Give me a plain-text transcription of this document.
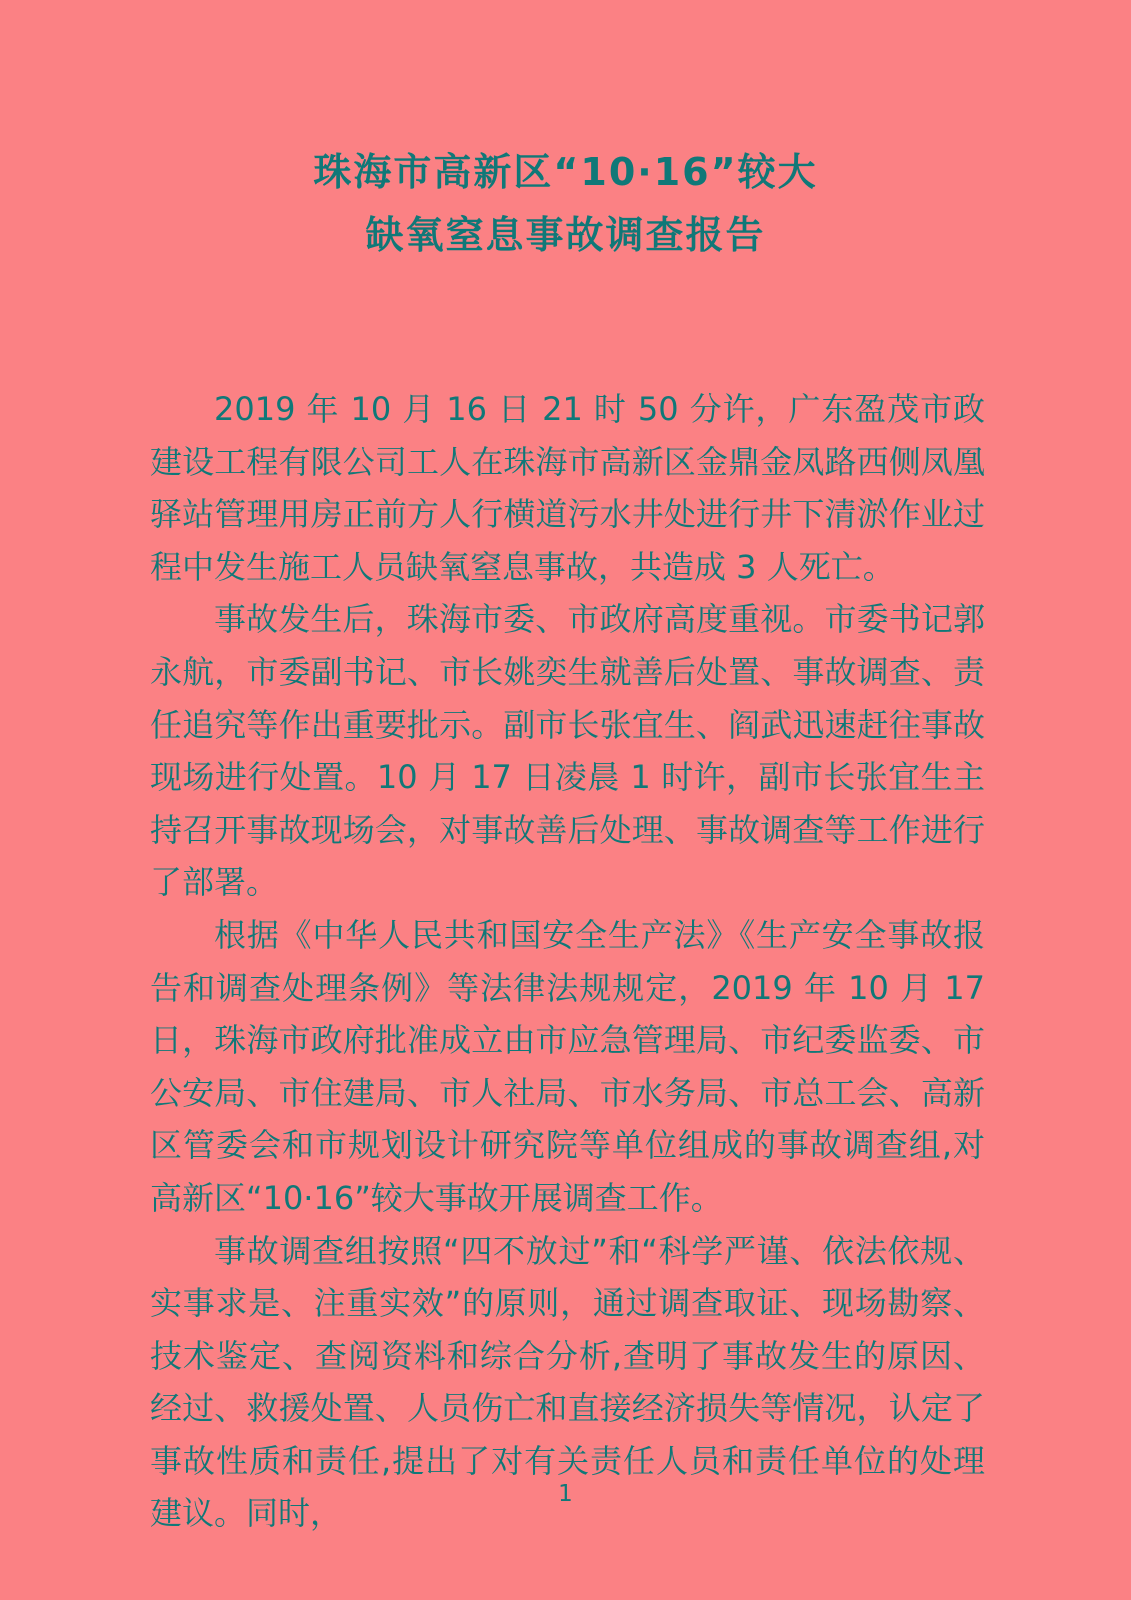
珠海市高新区“10·16”较大
缺氧窒息事故调查报告

2019 年 10 月 16 日 21 时 50 分许，广东盈茂市政建设工程有限公司工人在珠海市高新区金鼎金凤路西侧凤凰驿站管理用房正前方人行横道污水井处进行井下清淤作业过程中发生施工人员缺氧窒息事故，共造成 3 人死亡。

事故发生后，珠海市委、市政府高度重视。市委书记郭永航，市委副书记、市长姚奕生就善后处置、事故调查、责任追究等作出重要批示。副市长张宜生、阎武迅速赶往事故现场进行处置。10 月 17 日凌晨 1 时许，副市长张宜生主持召开事故现场会，对事故善后处理、事故调查等工作进行了部署。

根据《中华人民共和国安全生产法》《生产安全事故报告和调查处理条例》等法律法规规定，2019 年 10 月 17 日，珠海市政府批准成立由市应急管理局、市纪委监委、市公安局、市住建局、市人社局、市水务局、市总工会、高新区管委会和市规划设计研究院等单位组成的事故调查组,对高新区“10·16”较大事故开展调查工作。

事故调查组按照“四不放过”和“科学严谨、依法依规、实事求是、注重实效”的原则，通过调查取证、现场勘察、技术鉴定、查阅资料和综合分析,查明了事故发生的原因、经过、救援处置、人员伤亡和直接经济损失等情况，认定了事故性质和责任,提出了对有关责任人员和责任单位的处理建议。同时，

1
